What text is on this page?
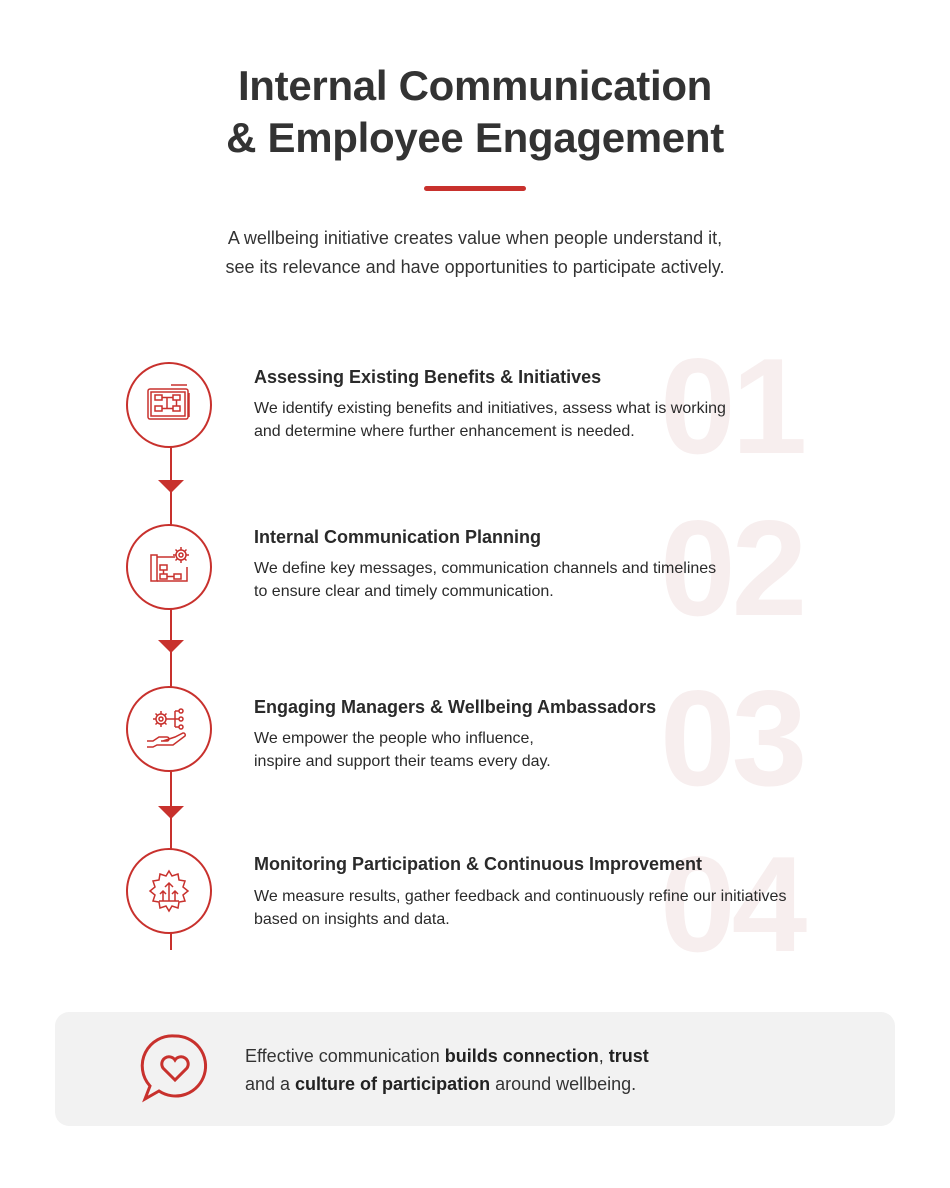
Internal Communication
& Employee Engagement
A wellbeing initiative creates value when people understand it,
see its relevance and have opportunities to participate actively.
01
02
03
04
Assessing Existing Benefits & Initiatives
We identify existing benefits and initiatives, assess what is working
and determine where further enhancement is needed.
Internal Communication Planning
We define key messages, communication channels and timelines
to ensure clear and timely communication.
Engaging Managers & Wellbeing Ambassadors
We empower the people who influence,
inspire and support their teams every day.
Monitoring Participation & Continuous Improvement
We measure results, gather feedback and continuously refine our initiatives
based on insights and data.
Effective communication builds connection, trust
and a culture of participation around wellbeing.
